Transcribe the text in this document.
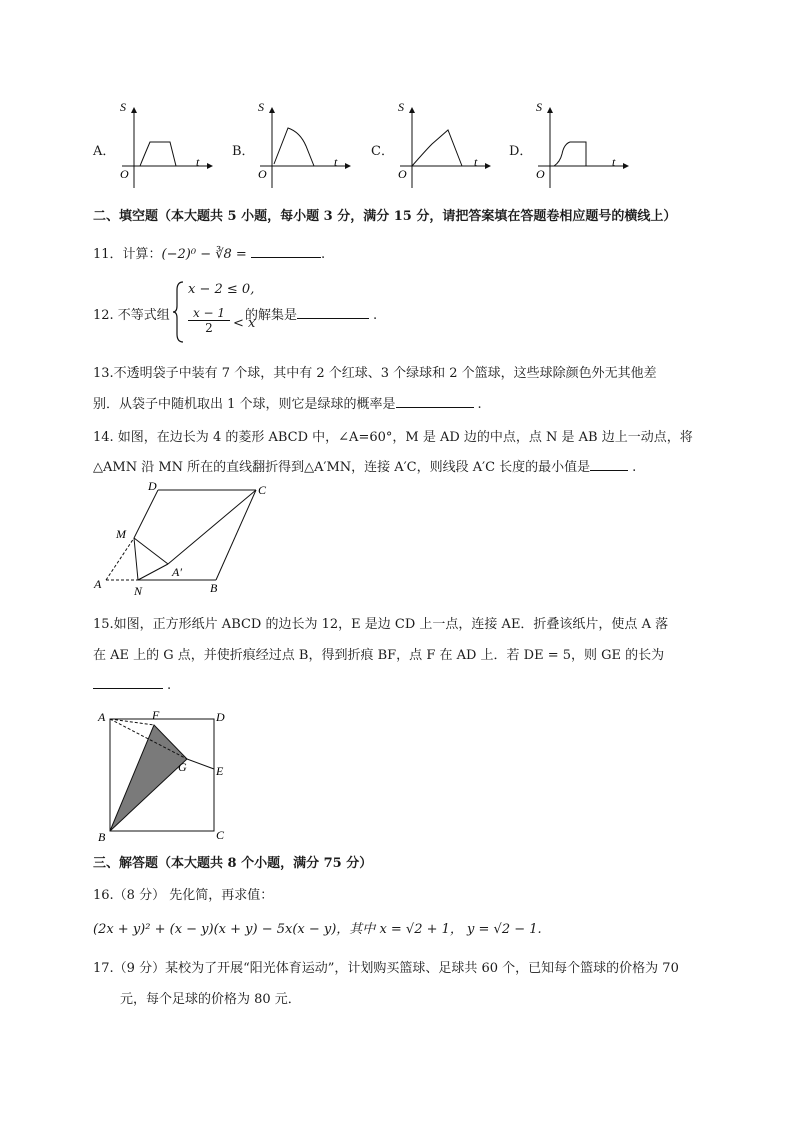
A．
S
t
O
B．
S
t
O
C．
S
t
O
D．
S
t
O
二、填空题（本大题共 5 小题，每小题 3 分，满分 15 分，请把答案填在答题卷相应题号的横线上）
11．计算：(−2)⁰ − ∛8 =	.
12. 不等式组
x − 2 ≤ 0,
$\frac{x - 1}{2} < x$
的解集是	.
13.不透明袋子中装有 7 个球，其中有 2 个红球、3 个绿球和 2 个篮球，这些球除颜色外无其他差
别．从袋子中随机取出 1 个球，则它是绿球的概率是	.
14. 如图，在边长为 4 的菱形 ABCD 中，∠A=60°，M 是 AD 边的中点，点 N 是 AB 边上一动点，将
△AMN 沿 MN 所在的直线翻折得到△A′MN，连接 A′C，则线段 A′C 长度的最小值是	.
D	C
M
A′
A	N	B
15.如图，正方形纸片 ABCD 的边长为 12，E 是边 CD 上一点，连接 AE．折叠该纸片，使点 A 落
在 AE 上的 G 点，并使折痕经过点 B，得到折痕 BF，点 F 在 AD 上．若 DE = 5，则 GE 的长为
.
A	F	D
G E
B	C
三、解答题（本大题共 8 个小题，满分 75 分）
16.（8 分） 先化简，再求值：
(2x + y)² + (x − y)(x + y) − 5x(x − y)，其中 x = √2 + 1， y = √2 − 1.
17.（9 分）某校为了开展“阳光体育运动”，计划购买篮球、足球共 60 个，已知每个篮球的价格为 70
元，每个足球的价格为 80 元．
